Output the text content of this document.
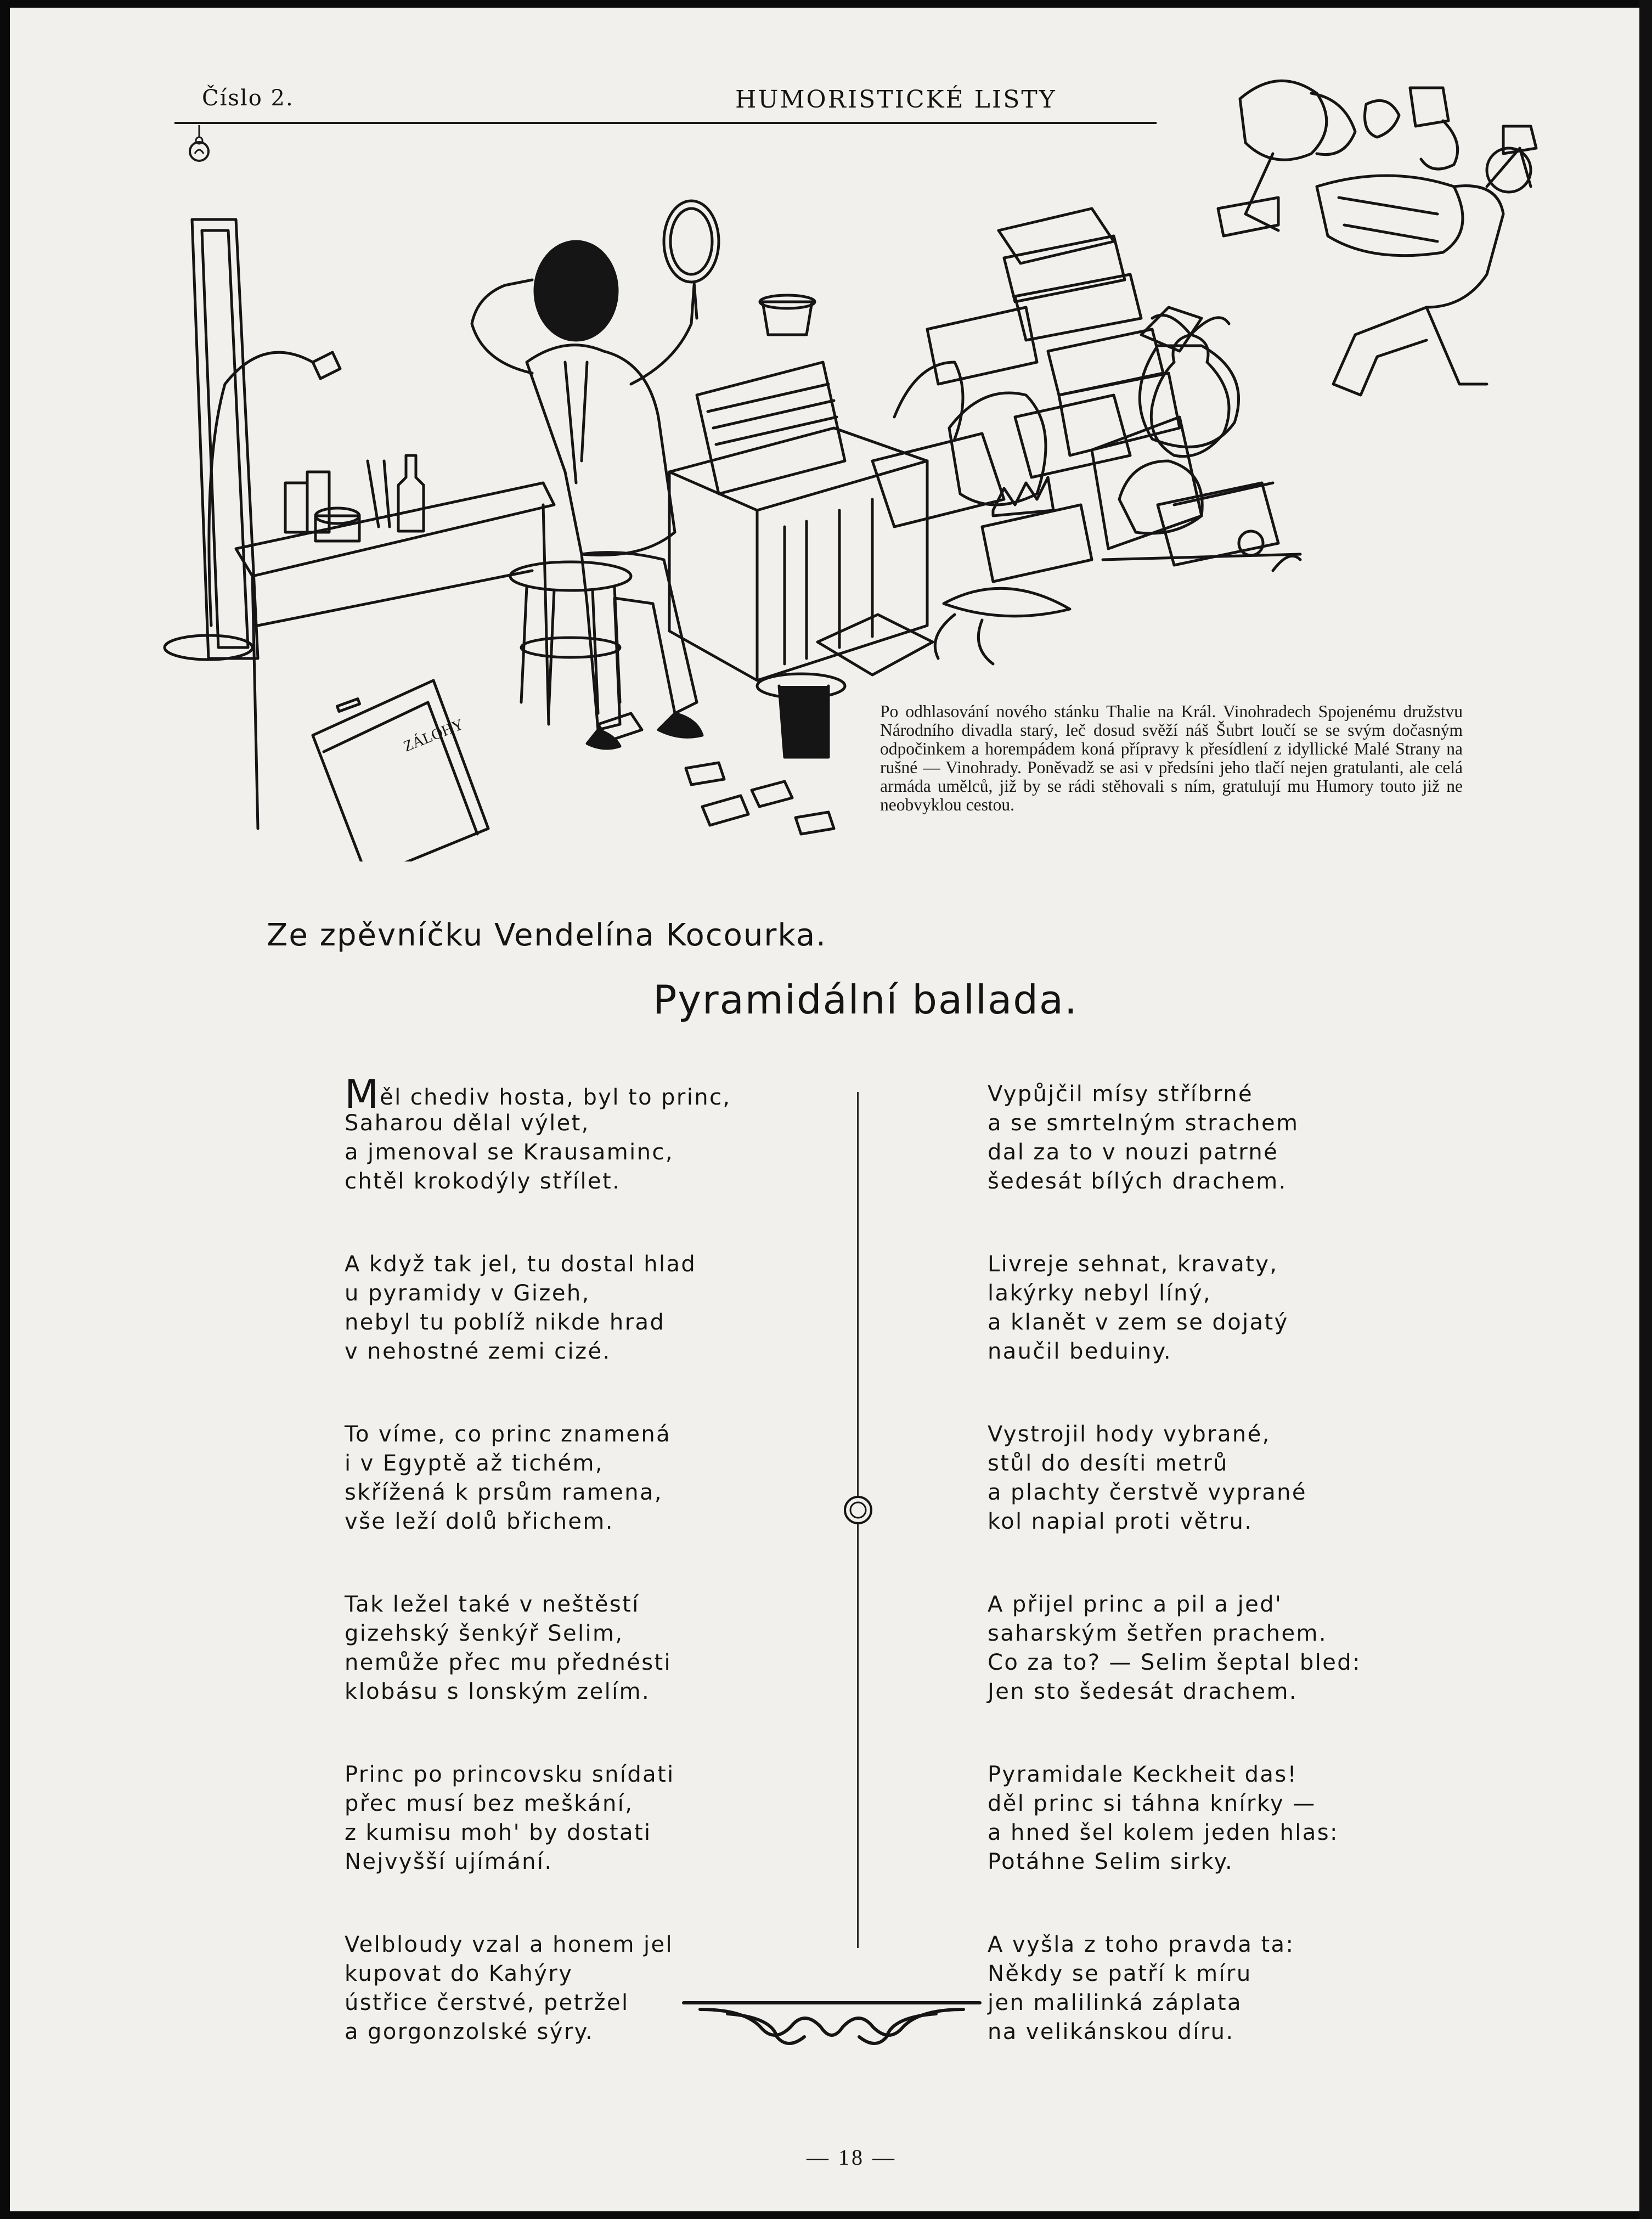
Číslo 2.	HUMORISTICKÉ LISTY
ZÁLOHY
Po odhlasování nového stánku Thalie na Král. Vinohradech Spojenému družstvu Národního divadla starý, leč dosud svěží náš Šubrt loučí se se svým dočasným odpočinkem a horempádem koná přípravy k přesídlení z idyllické Malé Strany na rušné — Vinohrady. Poněvadž se asi v předsíni jeho tlačí nejen gratulanti, ale celá armáda umělců, již by se rádi stěhovali s ním, gratulují mu Humory touto již ne neobvyklou cestou.
Ze zpěvníčku Vendelína Kocourka.
Pyramidální ballada.
Měl chediv hosta, byl to princ,
Saharou dělal výlet,
a jmenoval se Krausaminc,
chtěl krokodýly střílet.
A když tak jel, tu dostal hlad
u pyramidy v Gizeh,
nebyl tu poblíž nikde hrad
v nehostné zemi cizé.
To víme, co princ znamená
i v Egyptě až tichém,
skřížená k prsům ramena,
vše leží dolů břichem.
Tak ležel také v neštěstí
gizehský šenkýř Selim,
nemůže přec mu přednésti
klobásu s lonským zelím.
Princ po princovsku snídati
přec musí bez meškání,
z kumisu moh' by dostati
Nejvyšší ujímání.
Velbloudy vzal a honem jel
kupovat do Kahýry
ústřice čerstvé, petržel
a gorgonzolské sýry.
Vypůjčil mísy stříbrné
a se smrtelným strachem
dal za to v nouzi patrné
šedesát bílých drachem.
Livreje sehnat, kravaty,
lakýrky nebyl líný,
a klanět v zem se dojatý
naučil beduiny.
Vystrojil hody vybrané,
stůl do desíti metrů
a plachty čerstvě vyprané
kol napial proti větru.
A přijel princ a pil a jed'
saharským šetřen prachem.
Co za to? — Selim šeptal bled:
Jen sto šedesát drachem.
Pyramidale Keckheit das!
děl princ si táhna knírky —
a hned šel kolem jeden hlas:
Potáhne Selim sirky.
A vyšla z toho pravda ta:
Někdy se patří k míru
jen malilinká záplata
na velikánskou díru.
— 18 —
